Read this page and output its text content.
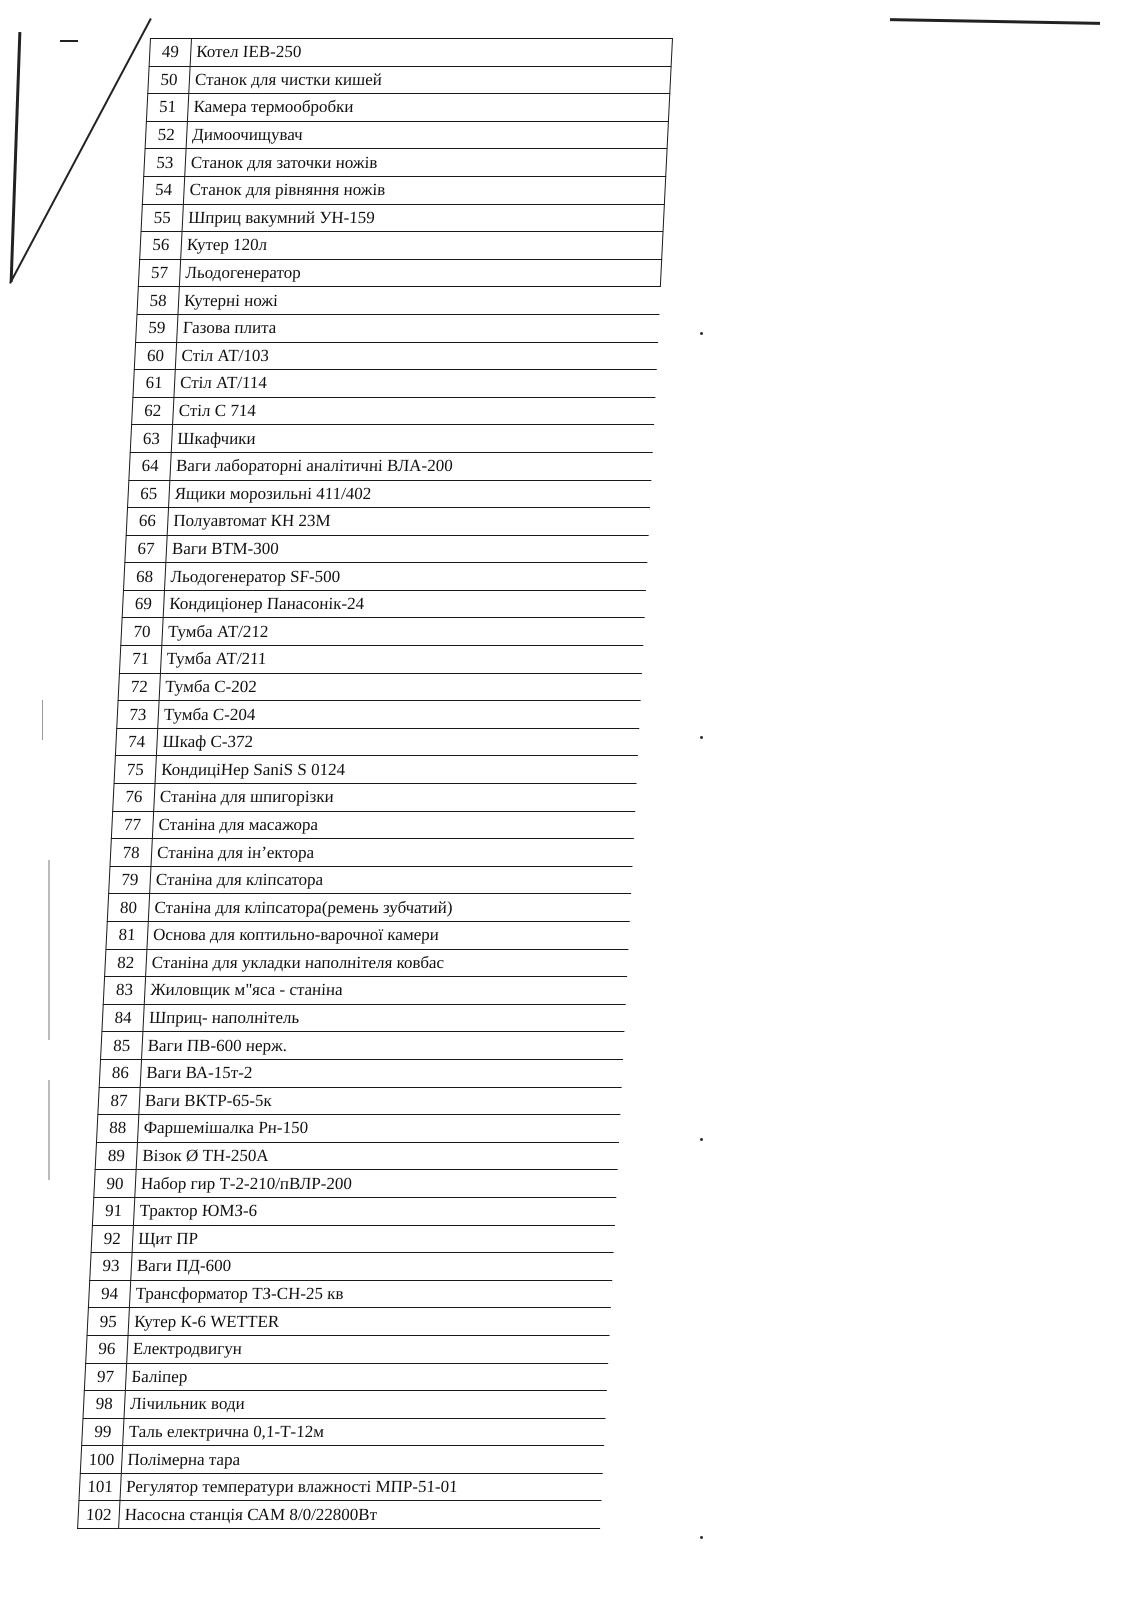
49	Котел IEB-250
50	Станок для чистки кишей
51	Камера термообробки
52	Димоочищувач
53	Станок для заточки ножів
54	Станок для рівняння ножів
55	Шприц вакумний УН-159
56	Кутер 120л
57	Льодогенератор
58	Кутерні ножі
59	Газова плита
60	Стіл АТ/103
61	Стіл АТ/114
62	Стіл С 714
63	Шкафчики
64	Ваги лабораторні аналітичні ВЛА-200
65	Ящики морозильні 411/402
66	Полуавтомат КН 23М
67	Ваги ВТМ-300
68	Льодогенератор SF-500
69	Кондиціонер Панасонік-24
70	Тумба АТ/212
71	Тумба АТ/211
72	Тумба С-202
73	Тумба С-204
74	Шкаф С-372
75	КондиціНер SaniS S 0124
76	Станіна для шпигорізки
77	Станіна для масажора
78	Станіна для ін’ектора
79	Станіна для кліпсатора
80	Станіна для кліпсатора(ремень зубчатий)
81	Основа для коптильно-варочної камери
82	Станіна для укладки наполнітеля ковбас
83	Жиловщик м"яса - станіна
84	Шприц- наполнітель
85	Ваги ПВ-600 нерж.
86	Ваги ВА-15т-2
87	Ваги ВКТР-65-5к
88	Фаршемішалка Рн-150
89	Візок Ø ТН-250А
90	Набор гир Т-2-210/пВЛР-200
91	Трактор ЮМЗ-6
92	Щит ПР
93	Ваги ПД-600
94	Трансформатор ТЗ-СН-25 кв
95	Кутер К-6 WETTER
96	Електродвигун
97	Баліпер
98	Лічильник води
99	Таль електрична 0,1-Т-12м
100	Полімерна тара
101	Регулятор температури влажності МПР-51-01
102	Насосна станція САМ 8/0/22800Вт
